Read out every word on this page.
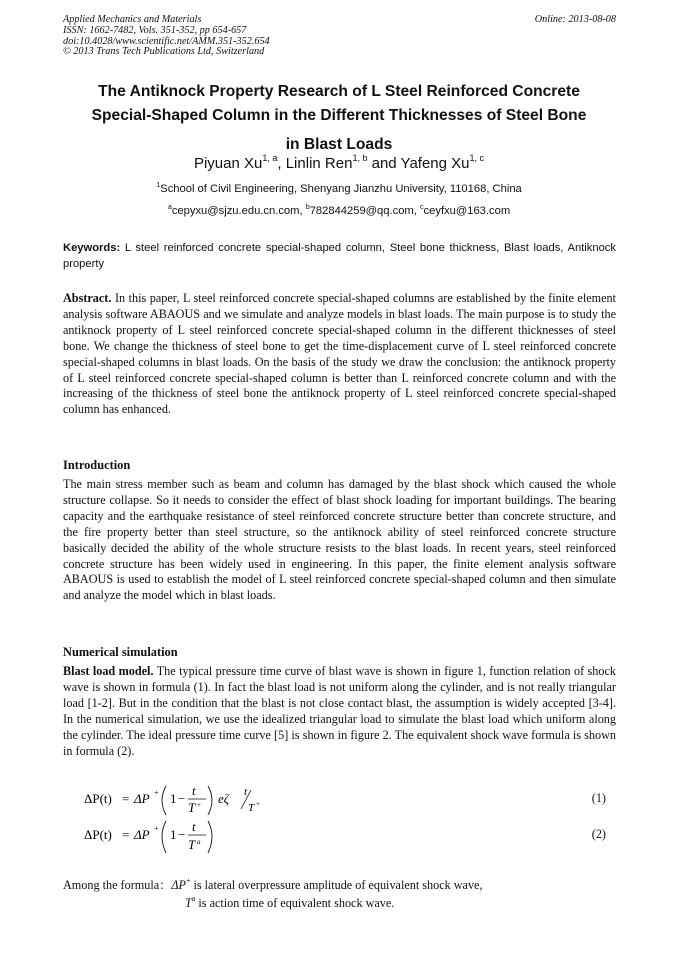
Applied Mechanics and Materials
ISSN: 1662-7482, Vols. 351-352, pp 654-657
doi:10.4028/www.scientific.net/AMM.351-352.654
© 2013 Trans Tech Publications Ltd, Switzerland
Online: 2013-08-08
The Antiknock Property Research of L Steel Reinforced Concrete
Special-Shaped Column in the Different Thicknesses of Steel Bone
in Blast Loads
Piyuan Xu$^{1, a}$, Linlin Ren$^{1, b}$ and Yafeng Xu$^{1, c}$
$^1$School of Civil Engineering, Shenyang Jianzhu University, 110168, China
$^a$cepyxu@sjzu.edu.cn.com, $^b$782844259@qq.com, $^c$ceyfxu@163.com
Keywords: L steel reinforced concrete special-shaped column, Steel bone thickness, Blast loads, Antiknock property
Abstract. In this paper, L steel reinforced concrete special-shaped columns are established by the finite element analysis software ABAOUS and we simulate and analyze models in blast loads. The main purpose is to study the antiknock property of L steel reinforced concrete special-shaped column in the different thicknesses of steel bone. We change the thickness of steel bone to get the time-displacement curve of L steel reinforced concrete special-shaped columns in blast loads. On the basis of the study we draw the conclusion: the antiknock property of L steel reinforced concrete special-shaped column is better than L reinforced concrete column and with the increasing of the thickness of steel bone the antiknock property of L steel reinforced concrete special-shaped column has enhanced.
Introduction
The main stress member such as beam and column has damaged by the blast shock which caused the whole structure collapse. So it needs to consider the effect of blast shock loading for important buildings. The bearing capacity and the earthquake resistance of steel reinforced concrete structure better than concrete structure, and the fire property better than steel structure, so the antiknock ability of steel reinforced concrete structure basically decided the ability of the whole structure resists to the blast loads. In recent years, steel reinforced concrete structure has been widely used in engineering. In this paper, the finite element analysis software ABAOUS is used to establish the model of L steel reinforced concrete special-shaped column and then simulate and analyze the model which in blast loads.
Numerical simulation
Blast load model. The typical pressure time curve of blast wave is shown in figure 1, function relation of shock wave is shown in formula (1). In fact the blast load is not uniform along the cylinder, and is not really triangular load [1-2]. But in the condition that the blast is not close contact blast, the assumption is widely accepted [3-4]. In the numerical simulation, we use the idealized triangular load to simulate the blast load which uniform along the cylinder. The ideal pressure time curve [5] is shown in figure 2. The equivalent shock wave formula is shown in formula (2).
ΔP(t) = ΔP + 1 −
t
T + eζ t
T +	(1)
ΔP(t) = ΔP + 1 −
t
T a
(2)
Among the formula：ΔP+ is lateral overpressure amplitude of equivalent shock wave,
$T^a$ is action time of equivalent shock wave.
